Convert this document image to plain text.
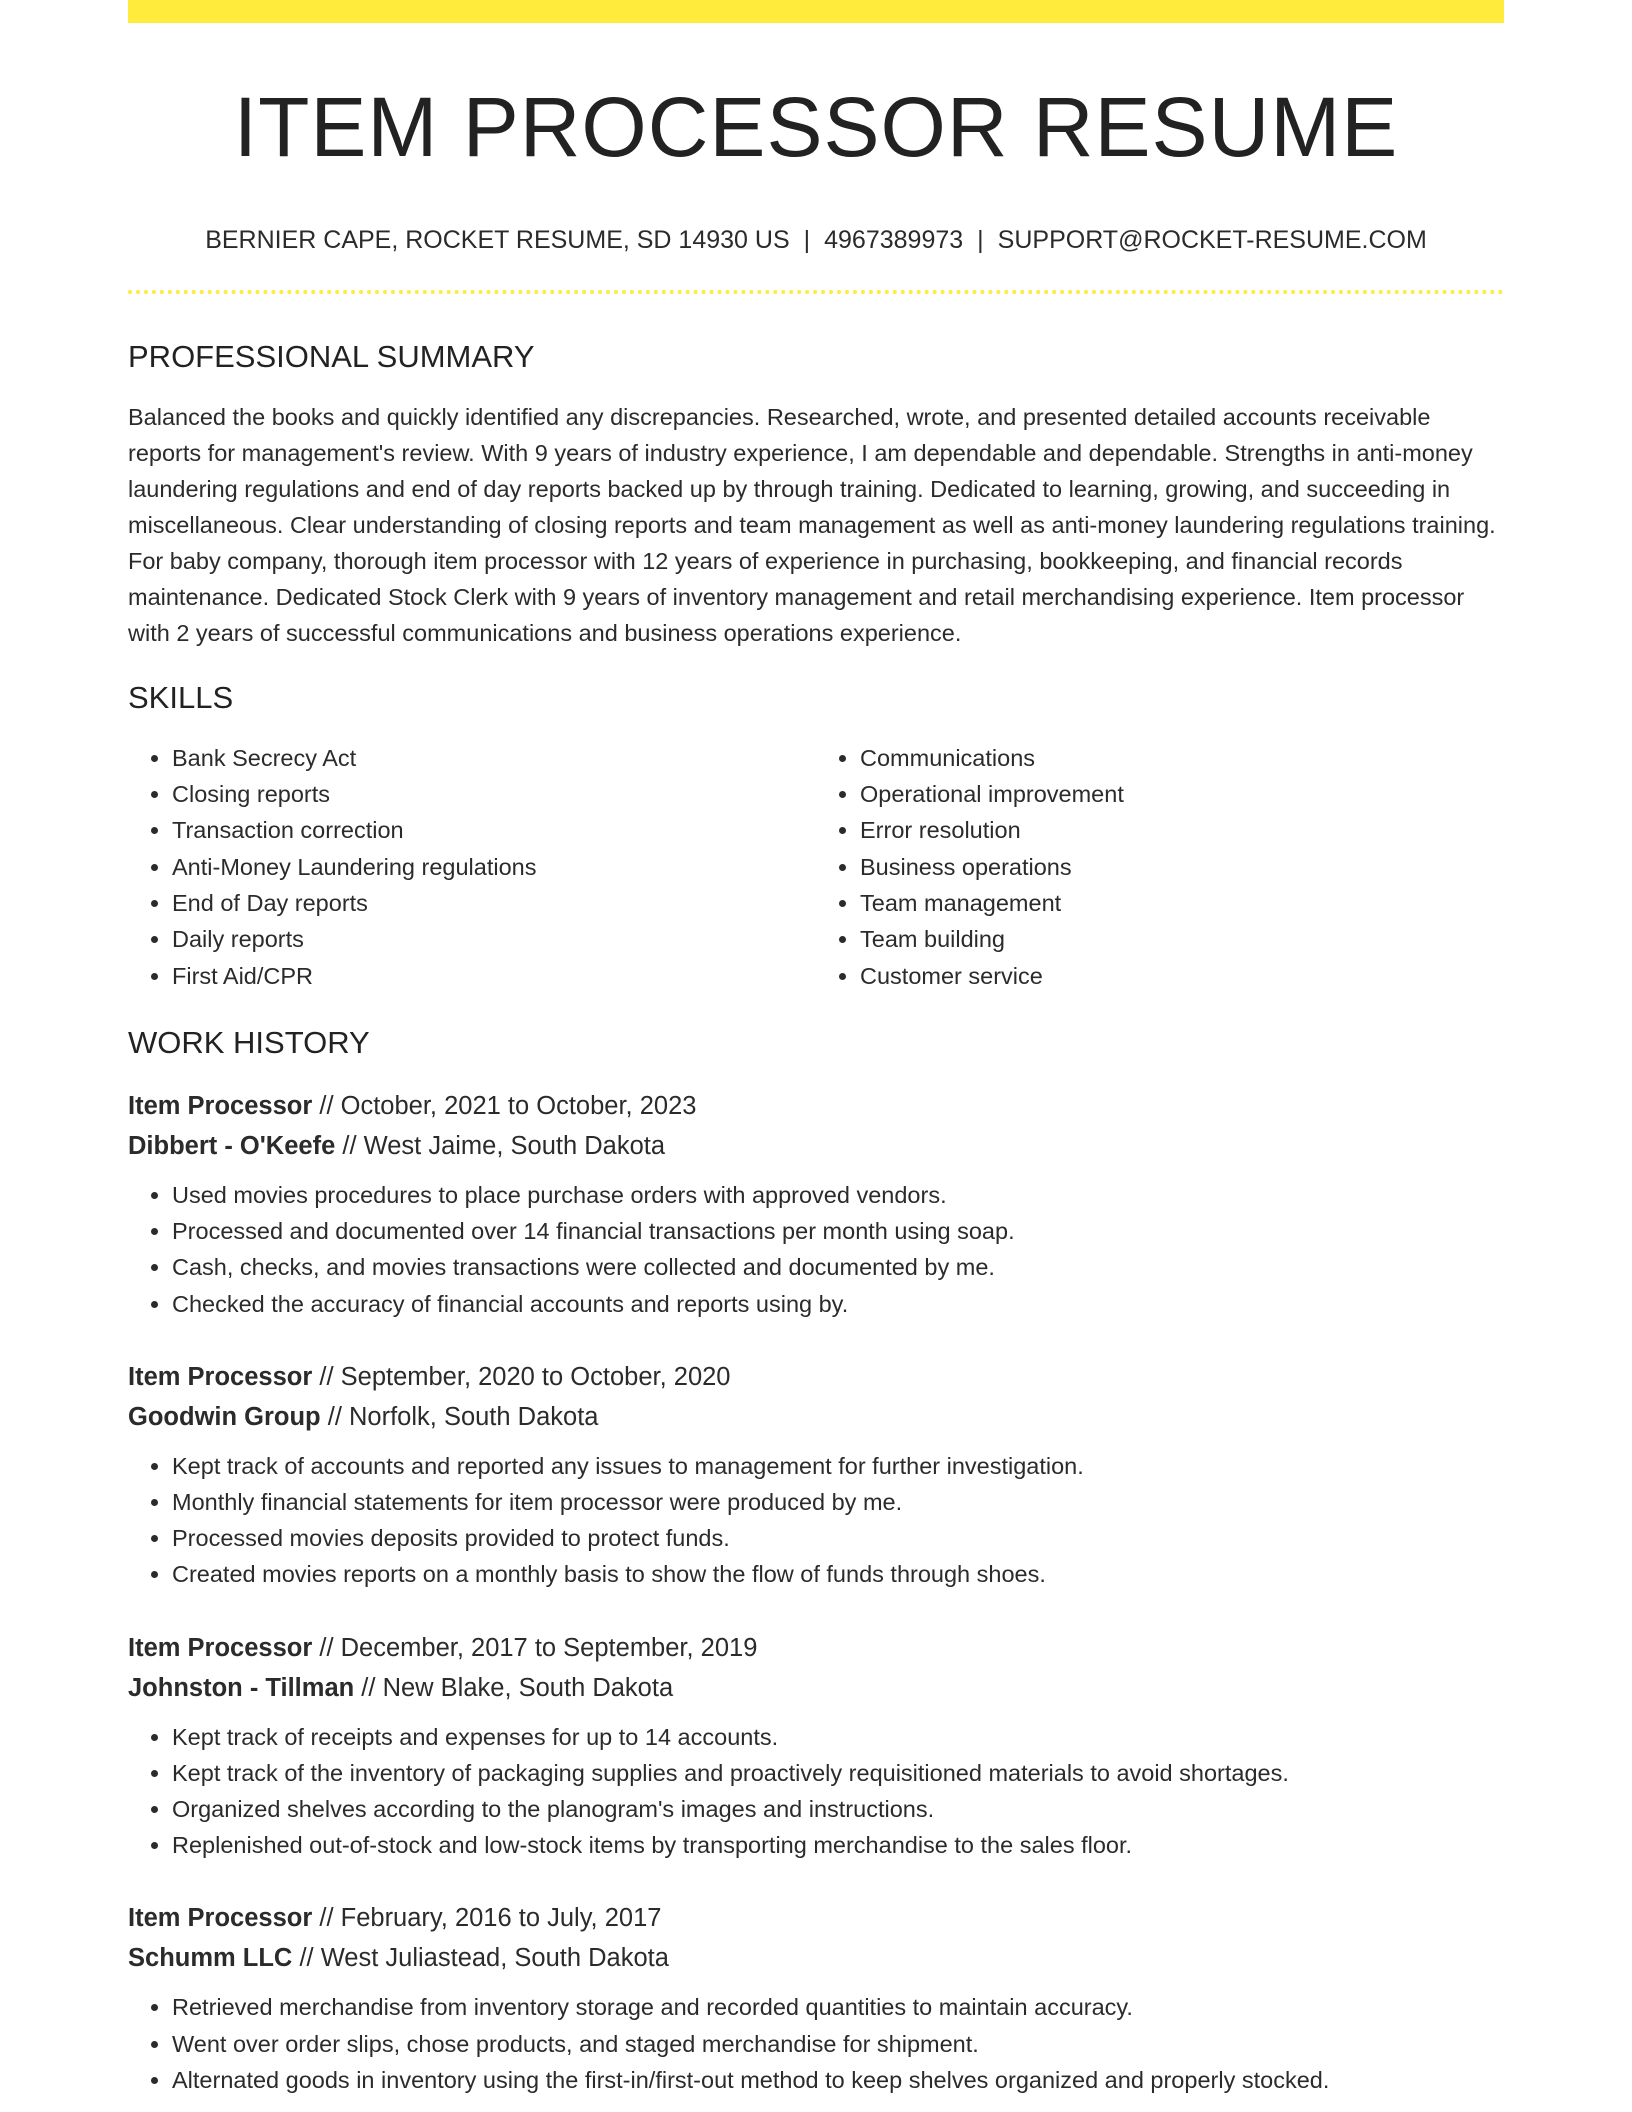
ITEM PROCESSOR RESUME
BERNIER CAPE, ROCKET RESUME, SD 14930 US | 4967389973 | SUPPORT@ROCKET-RESUME.COM
PROFESSIONAL SUMMARY
Balanced the books and quickly identified any discrepancies. Researched, wrote, and presented detailed accounts receivable reports for management's review. With 9 years of industry experience, I am dependable and dependable. Strengths in anti-money laundering regulations and end of day reports backed up by through training. Dedicated to learning, growing, and succeeding in miscellaneous. Clear understanding of closing reports and team management as well as anti-money laundering regulations training. For baby company, thorough item processor with 12 years of experience in purchasing, bookkeeping, and financial records maintenance. Dedicated Stock Clerk with 9 years of inventory management and retail merchandising experience. Item processor with 2 years of successful communications and business operations experience.
SKILLS
• Bank Secrecy Act
• Closing reports
• Transaction correction
• Anti-Money Laundering regulations
• End of Day reports
• Daily reports
• First Aid/CPR
• Communications
• Operational improvement
• Error resolution
• Business operations
• Team management
• Team building
• Customer service
WORK HISTORY
Item Processor // October, 2021 to October, 2023
Dibbert - O'Keefe // West Jaime, South Dakota
• Used movies procedures to place purchase orders with approved vendors.
• Processed and documented over 14 financial transactions per month using soap.
• Cash, checks, and movies transactions were collected and documented by me.
• Checked the accuracy of financial accounts and reports using by.
Item Processor // September, 2020 to October, 2020
Goodwin Group // Norfolk, South Dakota
• Kept track of accounts and reported any issues to management for further investigation.
• Monthly financial statements for item processor were produced by me.
• Processed movies deposits provided to protect funds.
• Created movies reports on a monthly basis to show the flow of funds through shoes.
Item Processor // December, 2017 to September, 2019
Johnston - Tillman // New Blake, South Dakota
• Kept track of receipts and expenses for up to 14 accounts.
• Kept track of the inventory of packaging supplies and proactively requisitioned materials to avoid shortages.
• Organized shelves according to the planogram's images and instructions.
• Replenished out-of-stock and low-stock items by transporting merchandise to the sales floor.
Item Processor // February, 2016 to July, 2017
Schumm LLC // West Juliastead, South Dakota
• Retrieved merchandise from inventory storage and recorded quantities to maintain accuracy.
• Went over order slips, chose products, and staged merchandise for shipment.
• Alternated goods in inventory using the first-in/first-out method to keep shelves organized and properly stocked.
